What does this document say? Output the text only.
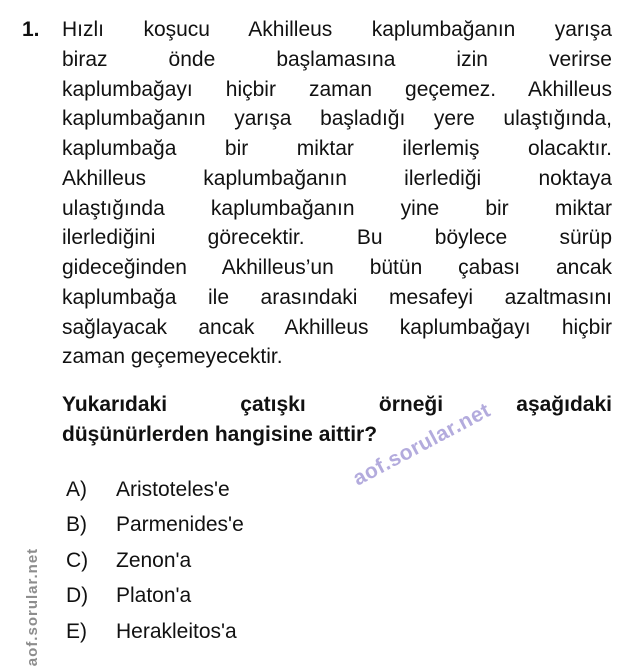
aof.sorular.net
aof.sorular.net
1. Hızlı koşucu Akhilleus kaplumbağanın yarışa
biraz önde başlamasına izin verirse
kaplumbağayı hiçbir zaman geçemez. Akhilleus
kaplumbağanın yarışa başladığı yere ulaştığında,
kaplumbağa bir miktar ilerlemiş olacaktır.
Akhilleus kaplumbağanın ilerlediği noktaya
ulaştığında kaplumbağanın yine bir miktar
ilerlediğini görecektir. Bu böylece sürüp
gideceğinden Akhilleus’un bütün çabası ancak
kaplumbağa ile arasındaki mesafeyi azaltmasını
sağlayacak ancak Akhilleus kaplumbağayı hiçbir
zaman geçemeyecektir.
Yukarıdaki çatışkı örneği aşağıdaki
düşünürlerden hangisine aittir?
A)	Aristoteles'e
B)	Parmenides'e
C)	Zenon'a
D)	Platon'a
E)	Herakleitos'a
